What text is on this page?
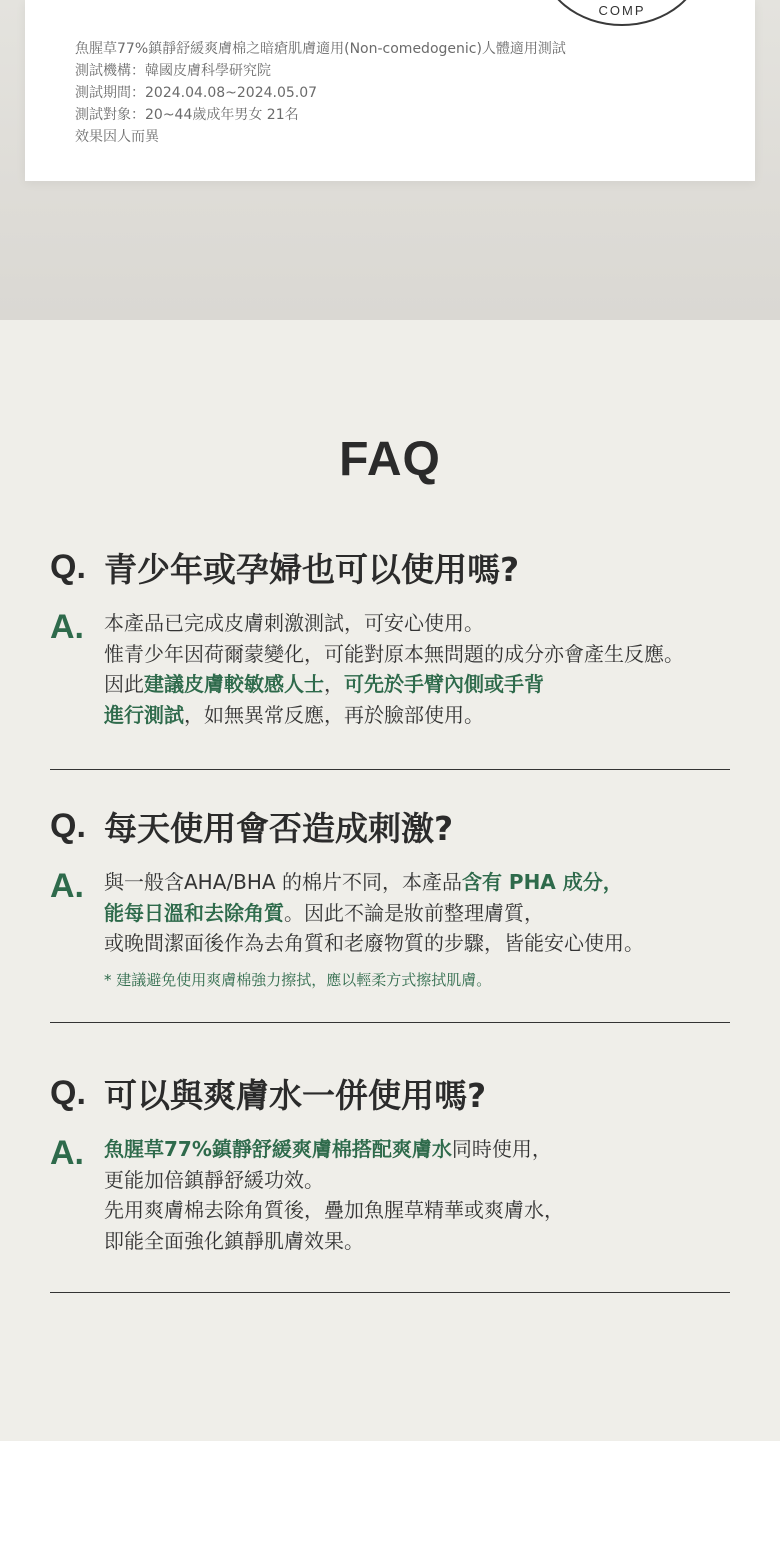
COMP
魚腥草77%鎮靜舒緩爽膚棉之暗瘡肌膚適用(Non-comedogenic)人體適用測試
測試機構：韓國皮膚科學研究院
測試期間：2024.04.08~2024.05.07
測試對象：20~44歲成年男女 21名
效果因人而異
FAQ
Q. 青少年或孕婦也可以使用嗎?
A. 本產品已完成皮膚刺激測試，可安心使用。
惟青少年因荷爾蒙變化，可能對原本無問題的成分亦會產生反應。
因此建議皮膚較敏感人士，可先於手臂內側或手背
進行測試，如無異常反應，再於臉部使用。
Q. 每天使用會否造成刺激?
A. 與一般含AHA/BHA 的棉片不同，本產品含有 PHA 成分，
能每日溫和去除角質。因此不論是妝前整理膚質，
或晚間潔面後作為去角質和老廢物質的步驟，皆能安心使用。
* 建議避免使用爽膚棉強力擦拭，應以輕柔方式擦拭肌膚。
Q. 可以與爽膚水一併使用嗎?
A. 魚腥草77%鎮靜舒緩爽膚棉搭配爽膚水同時使用，
更能加倍鎮靜舒緩功效。
先用爽膚棉去除角質後，疊加魚腥草精華或爽膚水，
即能全面強化鎮靜肌膚效果。
